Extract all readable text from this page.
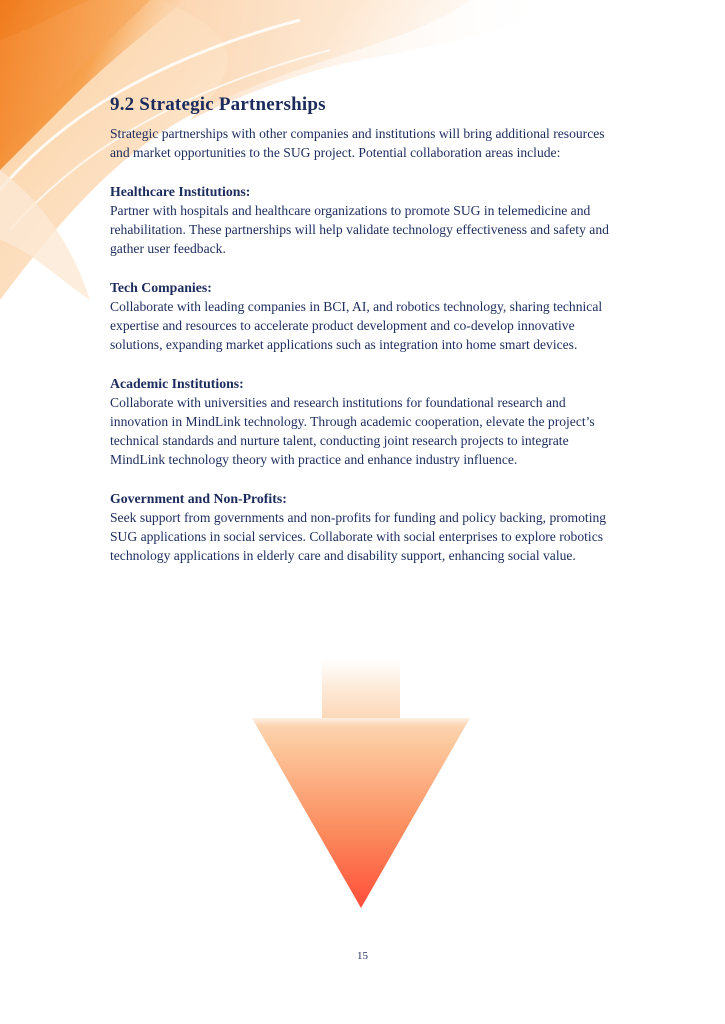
9.2 Strategic Partnerships

Strategic partnerships with other companies and institutions will bring additional resources and market opportunities to the SUG project. Potential collaboration areas include:

Healthcare Institutions:

Partner with hospitals and healthcare organizations to promote SUG in telemedicine and rehabilitation. These partnerships will help validate technology effectiveness and safety and gather user feedback.

Tech Companies:

Collaborate with leading companies in BCI, AI, and robotics technology, sharing technical expertise and resources to accelerate product development and co-develop innovative solutions, expanding market applications such as integration into home smart devices.

Academic Institutions:

Collaborate with universities and research institutions for foundational research and innovation in MindLink technology. Through academic cooperation, elevate the project’s technical standards and nurture talent, conducting joint research projects to integrate MindLink technology theory with practice and enhance industry influence.

Government and Non-Profits:

Seek support from governments and non-profits for funding and policy backing, promoting SUG applications in social services. Collaborate with social enterprises to explore robotics technology applications in elderly care and disability support, enhancing social value.

15
